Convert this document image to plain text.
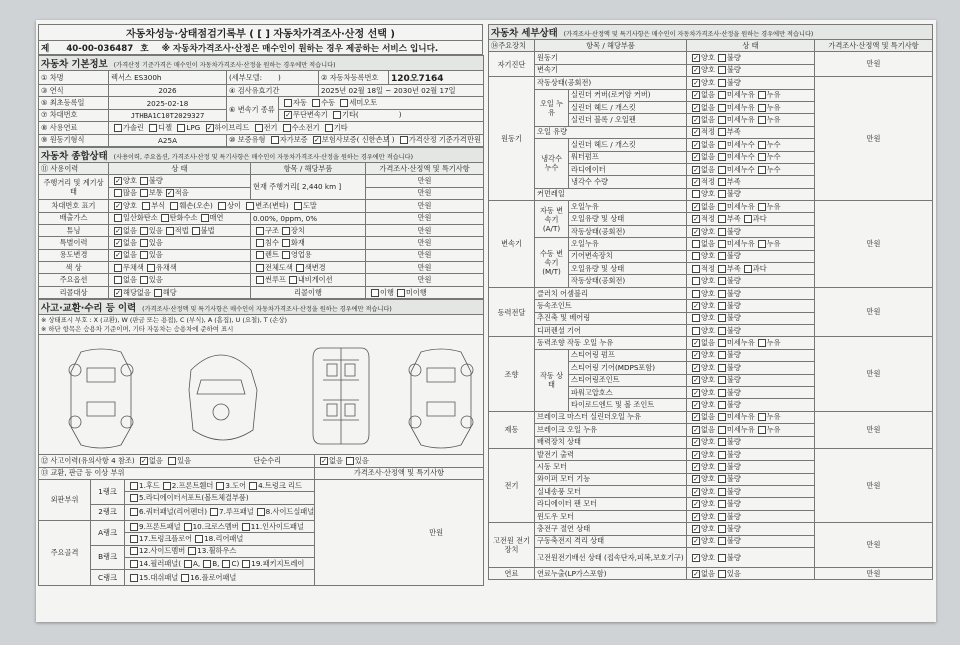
자동차성능·상태점검기록부 ( [ ] 자동차가격조사·산정 선택 )
제 40-00-036487 호 ※ 자동차가격조사·산정은 매수인이 원하는 경우 제공하는 서비스 입니다.
자동차 기본정보 (가격산정 기준가격은 매수인이 자동차가격조사·산정을 원하는 경우에만 적습니다)					
① 차명	렉서스 ES300h	(세부모델: )		② 자동차등록번호	120오7164
③ 연식	2026	④ 검사유효기간		2025년 02월 18일 ~ 2030년 02월 17일	
⑤ 최초등록일	2025-02-18	⑥ 변속기 종류	자동 수동 세미오토		
⑦ 차대번호	JTHBA1C10T2029327	✓무단변속기 기타( )
⑧ 사용연료	가솔린 디젤 LPG ✓ 하이브리드 전기 수소전기 기타
⑨ 원동기형식	A25A	⑩ 보증유형 자가보증 ✓ 보험사보증( 신한손보 ) 가격산정 기준가격			만원
자동차 종합상태 (사용이력, 주요옵션, 가격조사·산정 및 특기사항은 매수인이 자동차가격조사·산정을 원하는 경우에만 적습니다)			
⑪ 사용이력	상 태	항목 / 해당부품	가격조사·산정액 및 특기사항
주행거리 및 계기상태	✓양호 불량	현재 주행거리[ 2,440 km ]	만원
	많음 보통 ✓ 적음		만원
차대번호 표기	✓양호 부식 훼손(오손) 상이 변조(변타) 도말		만원
배출가스	일산화탄소 탄화수소 매연	0.00%, 0ppm, 0%	만원
튜닝	✓없음 있음 적법 불법	구조 장치	만원
특별이력	✓없음 있음	침수 화재	만원
용도변경	✓없음 있음	렌트 영업용	만원
색 상	무채색 유채색	전체도색 색변경	만원
주요옵션	없음 있음	썬루프 내비게이션	만원
리콜대상	✓해당없음 해당	리콜이행	이행 미이행
사고·교환·수리 등 이력 (가격조사·산정액 및 특기사항은 매수인이 자동차가격조사·산정을 원하는 경우에만 적습니다)			

※ 상태표시 부호 : X (교환), W (판금 또는 용접), C (부식), A (흠집), U (요철), T (손상)
※ 하단 항목은 승용차 기준이며, 기타 자동차는 승용차에 준하여 표시			

⑫ 사고이력(유의사항 4 참조) ✓ 없음 있음 단순수리	✓없음 있음
⑬ 교환, 판금 등 이상 부위			가격조사·산정액 및 특기사항
외판부위	1랭크	1.후드 2.프론트휀더 3.도어 4.트렁크 리드	만원
		5.라디에이터서포트(볼트체결부품)	
	2랭크	6.쿼터패널(리어펜더) 7.루프패널 8.사이드실패널	
주요골격	A랭크	9.프론트패널 10.크로스멤버 11.인사이드패널	
		17.트렁크플로어 18.리어패널	
	B랭크	12.사이드멤버 13.휠하우스	
		14.필러패널( A, B, C) 19.패키지트레이	
	C랭크	15.대쉬패널 16.플로어패널	
자동차 세부상태 (가격조사·산정액 및 특기사항은 매수인이 자동차가격조사·산정을 원하는 경우에만 적습니다)				
⑭주요장치	항목 / 해당부품		상 태	가격조사·산정액 및 특기사항
자기진단	원동기	✓양호 불량	만원
	변속기	✓양호 불량
원동기	작동상태(공회전)	✓양호 불량	만원
	오일 누유	실린더 커버(로커암 커버)	✓없음 미세누유 누유
		실린더 헤드 / 개스킷	✓없음 미세누유 누유
		실린더 블록 / 오일팬	✓없음 미세누유 누유
	오일 유량	✓적정 부족
	냉각수 누수	실린더 헤드 / 개스킷	✓없음 미세누수 누수
		워터펌프	✓없음 미세누수 누수
		라디에이터	✓없음 미세누수 누수
		냉각수 수량	✓적정 부족
	커먼레일		양호 불량	
변속기	자동 변속기 (A/T)	오일누유	✓없음 미세누유 누유	만원
		오일유량 및 상태	✓적정 부족 과다
		작동상태(공회전)	✓양호 불량
	수동 변속기 (M/T)	오일누유	없음 미세누유 누유	
		기어변속장치	양호 불량	
		오일유량 및 상태	적정 부족 과다	
		작동상태(공회전)	양호 불량	
동력전달	클러치 어셈블리		양호 불량	만원
	등속조인트	✓양호 불량
	추진축 및 베어링		양호 불량	
	디퍼렌셜 기어		양호 불량	
조향	동력조향 작동 오일 누유	✓없음 미세누유 누유	만원
	작동 상태	스티어링 펌프	✓양호 불량
		스티어링 기어(MDPS포함)	✓양호 불량
		스티어링조인트	✓양호 불량
		파워고압호스	✓양호 불량
		타이로드엔드 및 볼 조인트	✓양호 불량
제동	브레이크 마스터 실린더오일 누유	✓없음 미세누유 누유	만원
	브레이크 오일 누유	✓없음 미세누유 누유
	배력장치 상태	✓양호 불량
전기	발전기 출력	✓양호 불량	만원
	시동 모터	✓양호 불량
	와이퍼 모터 기능	✓양호 불량
	실내송풍 모터	✓양호 불량
	라디에이터 팬 모터	✓양호 불량
	윈도우 모터	✓양호 불량
고전원 전기장치	충전구 절연 상태	✓양호 불량	만원
	구동축전지 격리 상태	✓양호 불량
	고전원전기배선 상태 (접속단자,피복,보호기구)	✓양호 불량
연료	연료누출(LP가스포함)	✓없음 있음	만원
